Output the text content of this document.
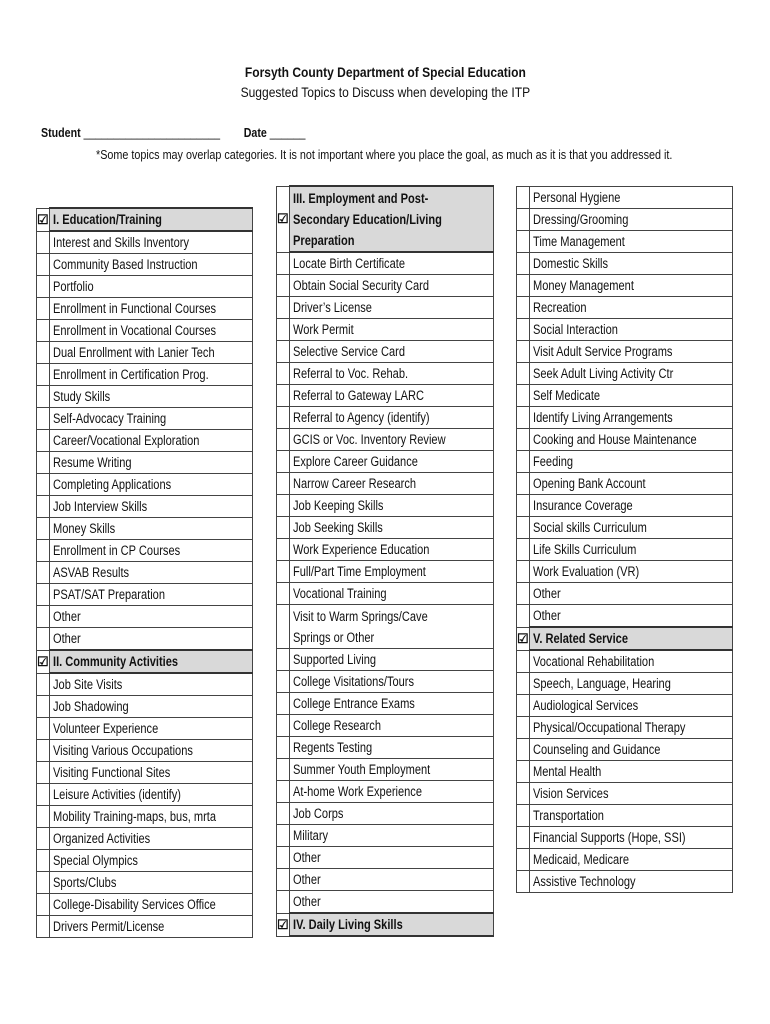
Forsyth County Department of Special Education
Suggested Topics to Discuss when developing the ITP
Student _______________________ Date ______
*Some topics may overlap categories. It is not important where you place the goal, as much as it is that you addressed it.
☑	I. Education/Training
	Interest and Skills Inventory
	Community Based Instruction
	Portfolio
	Enrollment in Functional Courses
	Enrollment in Vocational Courses
	Dual Enrollment with Lanier Tech
	Enrollment in Certification Prog.
	Study Skills
	Self-Advocacy Training
	Career/Vocational Exploration
	Resume Writing
	Completing Applications
	Job Interview Skills
	Money Skills
	Enrollment in CP Courses
	ASVAB Results
	PSAT/SAT Preparation
	Other
	Other
☑	II. Community Activities
	Job Site Visits
	Job Shadowing
	Volunteer Experience
	Visiting Various Occupations
	Visiting Functional Sites
	Leisure Activities (identify)
	Mobility Training-maps, bus, mrta
	Organized Activities
	Special Olympics
	Sports/Clubs
	College-Disability Services Office
	Drivers Permit/License
☑	III. Employment and Post-Secondary Education/Living Preparation
	Locate Birth Certificate
	Obtain Social Security Card
	Driver’s License
	Work Permit
	Selective Service Card
	Referral to Voc. Rehab.
	Referral to Gateway LARC
	Referral to Agency (identify)
	GCIS or Voc. Inventory Review
	Explore Career Guidance
	Narrow Career Research
	Job Keeping Skills
	Job Seeking Skills
	Work Experience Education
	Full/Part Time Employment
	Vocational Training
	Visit to Warm Springs/Cave Springs or Other
	Supported Living
	College Visitations/Tours
	College Entrance Exams
	College Research
	Regents Testing
	Summer Youth Employment
	At-home Work Experience
	Job Corps
	Military
	Other
	Other
	Other
☑	IV. Daily Living Skills
	Personal Hygiene
	Dressing/Grooming
	Time Management
	Domestic Skills
	Money Management
	Recreation
	Social Interaction
	Visit Adult Service Programs
	Seek Adult Living Activity Ctr
	Self Medicate
	Identify Living Arrangements
	Cooking and House Maintenance
	Feeding
	Opening Bank Account
	Insurance Coverage
	Social skills Curriculum
	Life Skills Curriculum
	Work Evaluation (VR)
	Other
	Other
☑	V. Related Service
	Vocational Rehabilitation
	Speech, Language, Hearing
	Audiological Services
	Physical/Occupational Therapy
	Counseling and Guidance
	Mental Health
	Vision Services
	Transportation
	Financial Supports (Hope, SSI)
	Medicaid, Medicare
	Assistive Technology
